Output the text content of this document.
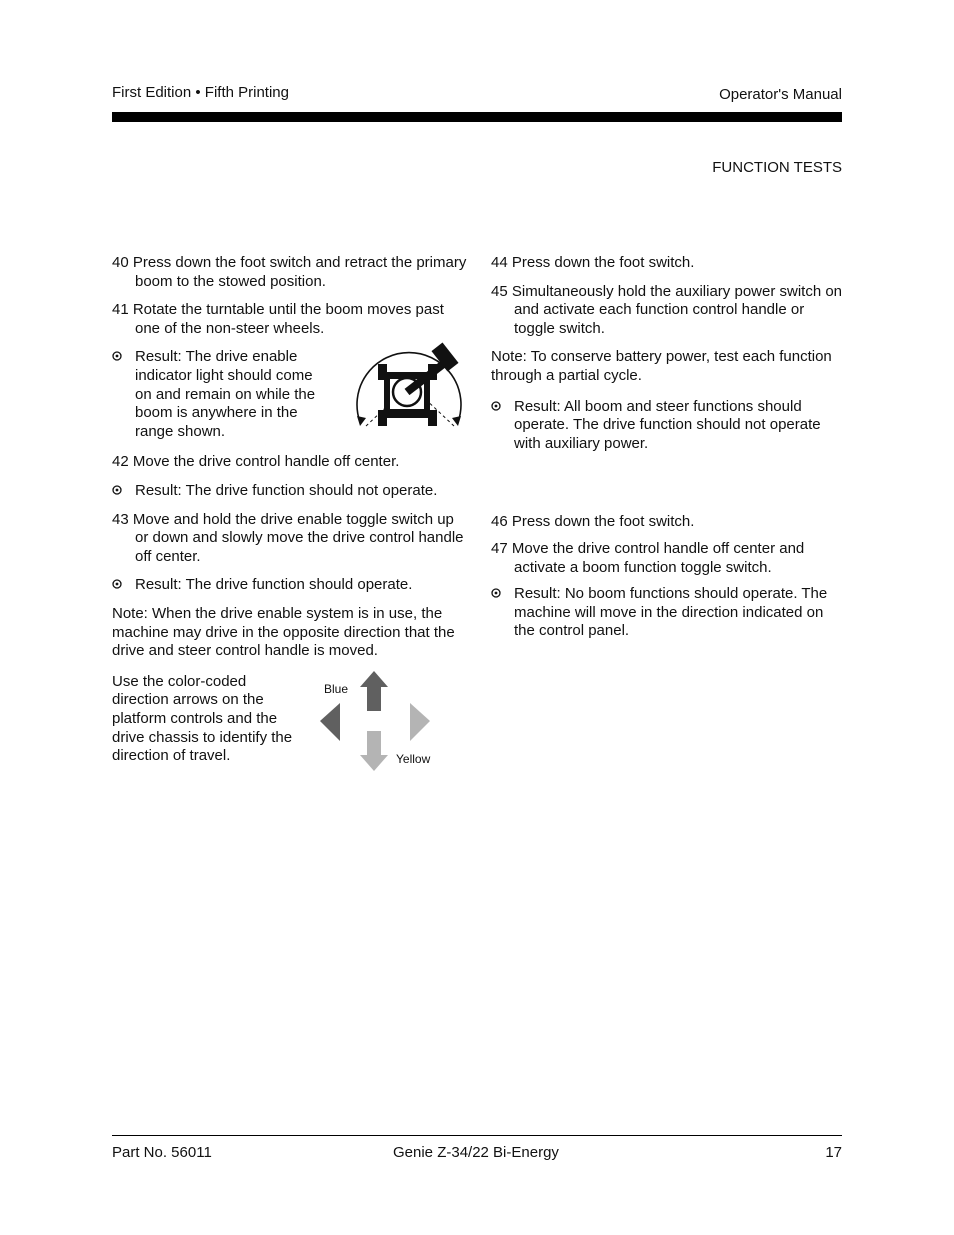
First Edition • Fifth Printing	Operator's Manual
FUNCTION TESTS
40 Press down the foot switch and retract the primary boom to the stowed position.
41 Rotate the turntable until the boom moves past one of the non-steer wheels.
Result: The drive enable indicator light should come on and remain on while the boom is anywhere in the range shown.
42 Move the drive control handle off center.
Result: The drive function should not operate.
43 Move and hold the drive enable toggle switch up or down and slowly move the drive control handle off center.
Result: The drive function should operate.
Note: When the drive enable system is in use, the machine may drive in the opposite direction that the drive and steer control handle is moved.
Use the color-coded direction arrows on the platform controls and the drive chassis to identify the direction of travel.
Blue
Yellow
44 Press down the foot switch.
45 Simultaneously hold the auxiliary power switch on and activate each function control handle or toggle switch.
Note: To conserve battery power, test each function through a partial cycle.
Result: All boom and steer functions should operate. The drive function should not operate with auxiliary power.
46 Press down the foot switch.
47 Move the drive control handle off center and activate a boom function toggle switch.
Result: No boom functions should operate. The machine will move in the direction indicated on the control panel.
Part No. 56011	Genie Z-34/22 Bi-Energy	17
